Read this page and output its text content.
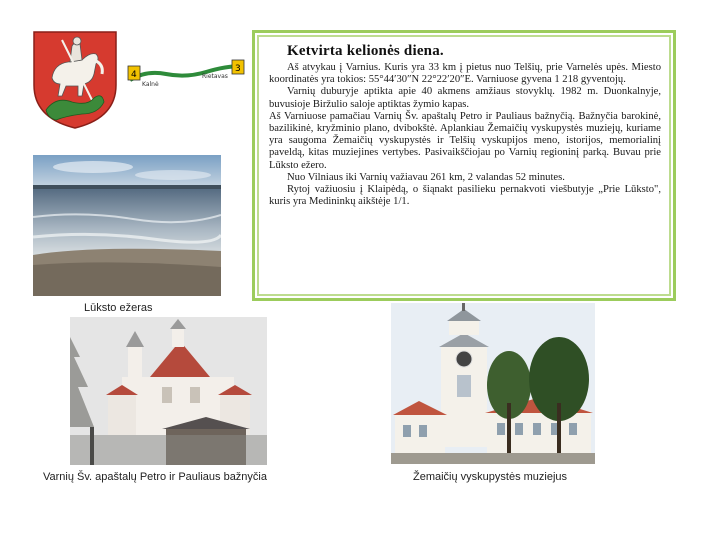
4
Kalnė
Rietavas
3
Lūksto ežeras
Ketvirta kelionės diena.

Aš atvykau į Varnius. Kuris yra 33 km į pietus nuo Telšių, prie Varnelės upės. Miesto koordinatės yra tokios: 55°44′30″N 22°22′20″E. Varniuose gyvena 1 218 gyventojų.

Varnių duburyje aptikta apie 40 akmens amžiaus stovyklų. 1982 m. Duonkalnyje, buvusioje Biržulio saloje aptiktas žymio kapas.

Aš Varniuose pamačiau Varnių Šv. apaštalų Petro ir Pauliaus bažnyčią. Bažnyčia barokinė, bazilikinė, kryžminio plano, dvibokštė. Aplankiau Žemaičių vyskupystės muziejų, kuriame yra saugoma Žemaičių vyskupystės ir Telšių vyskupijos meno, istorijos, memorialinį paveldą, kitas muziejines vertybes. Pasivaikščiojau po Varnių regioninį parką. Buvau prie Lūksto ežero.

Nuo Vilniaus iki Varnių važiavau 261 km, 2 valandas 52 minutes.

Rytoj važiuosiu į Klaipėdą, o šiąnakt pasilieku pernakvoti viešbutyje „Prie Lūksto", kuris yra Medininkų aikštėje 1/1.

Varnių Šv. apaštalų Petro ir Pauliaus bažnyčia	Žemaičių vyskupystės muziejus
